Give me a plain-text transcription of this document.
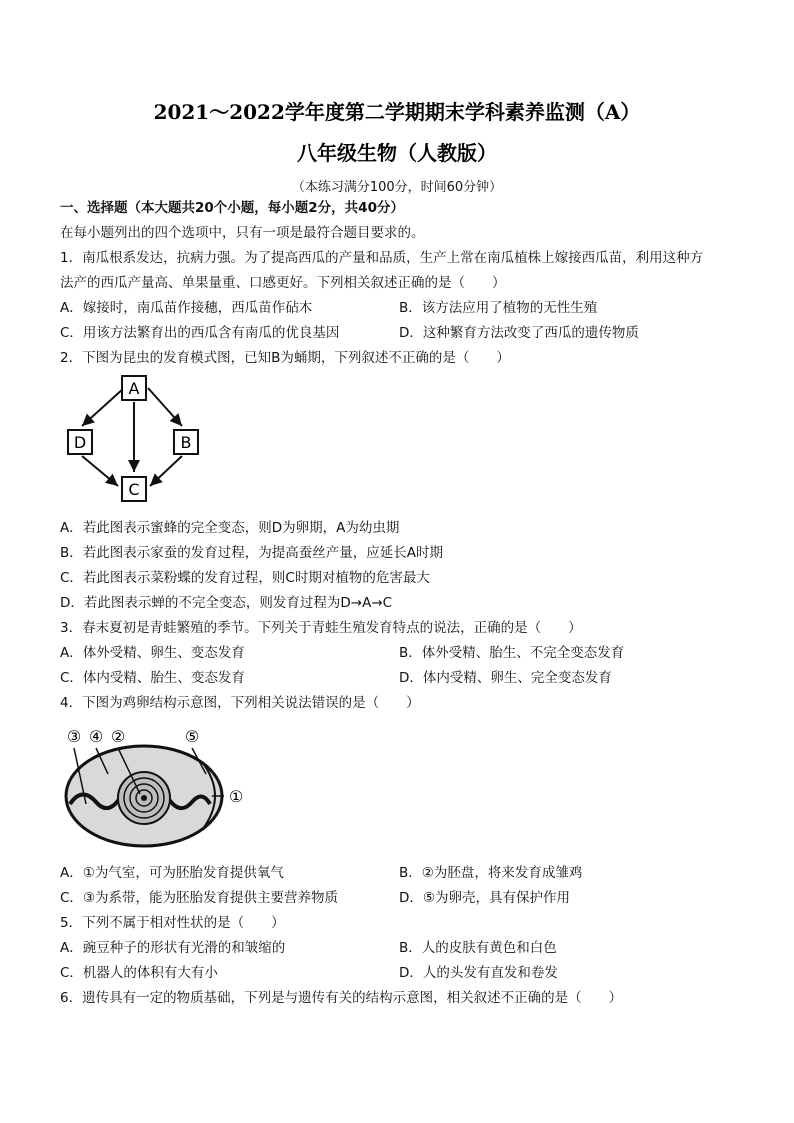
2021～2022学年度第二学期期末学科素养监测（A）
八年级生物（人教版）
（本练习满分100分，时间60分钟）
一、选择题（本大题共20个小题，每小题2分，共40分）
在每小题列出的四个选项中，只有一项是最符合题目要求的。
1．南瓜根系发达，抗病力强。为了提高西瓜的产量和品质，生产上常在南瓜植株上嫁接西瓜苗，利用这种方
法产的西瓜产量高、单果量重、口感更好。下列相关叙述正确的是（　　）
A．嫁接时，南瓜苗作接穗，西瓜苗作砧木	B．该方法应用了植物的无性生殖
C．用该方法繁育出的西瓜含有南瓜的优良基因	D．这种繁育方法改变了西瓜的遗传物质
2．下图为昆虫的发育模式图，已知B为蛹期，下列叙述不正确的是（　　）
A
B
C
D
A．若此图表示蜜蜂的完全变态，则D为卵期，A为幼虫期
B．若此图表示家蚕的发育过程，为提高蚕丝产量，应延长A时期
C．若此图表示菜粉蝶的发育过程，则C时期对植物的危害最大
D．若此图表示蝉的不完全变态，则发育过程为D→A→C
3．春末夏初是青蛙繁殖的季节。下列关于青蛙生殖发育特点的说法，正确的是（　　）
A．体外受精、卵生、变态发育	B．体外受精、胎生、不完全变态发育
C．体内受精、胎生、变态发育	D．体内受精、卵生、完全变态发育
4．下图为鸡卵结构示意图，下列相关说法错误的是（　　）
③ ④ ②	⑤
①
A．①为气室，可为胚胎发育提供氧气	B．②为胚盘，将来发育成雏鸡
C．③为系带，能为胚胎发育提供主要营养物质	D．⑤为卵壳，具有保护作用
5．下列不属于相对性状的是（　　）
A．豌豆种子的形状有光滑的和皱缩的	B．人的皮肤有黄色和白色
C．机器人的体积有大有小	D．人的头发有直发和卷发
6．遗传具有一定的物质基础，下列是与遗传有关的结构示意图，相关叙述不正确的是（　　）
